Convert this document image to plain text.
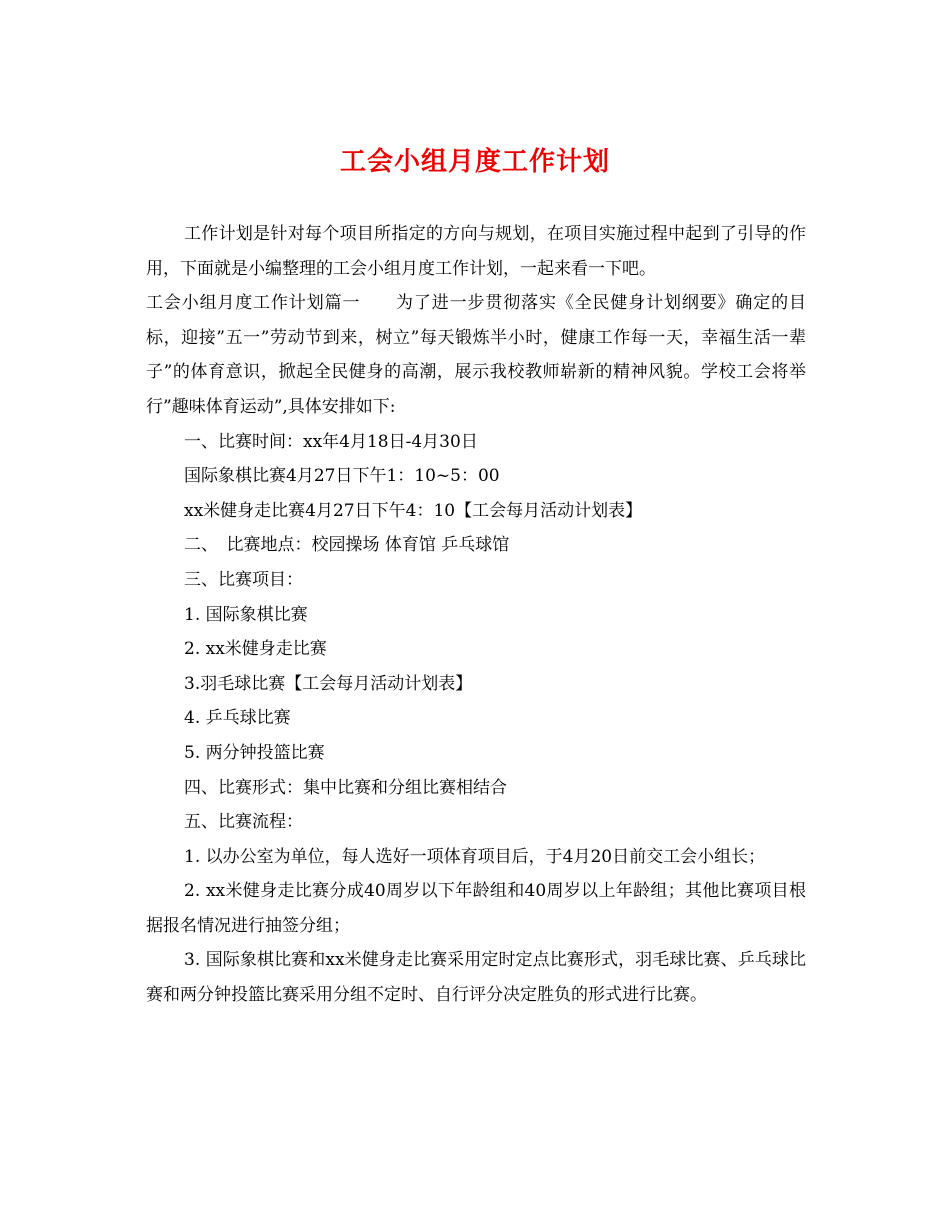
工会小组月度工作计划

工作计划是针对每个项目所指定的方向与规划，在项目实施过程中起到了引导的作用，下面就是小编整理的工会小组月度工作计划，一起来看一下吧。

工会小组月度工作计划篇一　　为了进一步贯彻落实《全民健身计划纲要》确定的目标，迎接”五一”劳动节到来，树立”每天锻炼半小时，健康工作每一天，幸福生活一辈子”的体育意识，掀起全民健身的高潮，展示我校教师崭新的精神风貌。学校工会将举行”趣味体育运动”,具体安排如下:

一、比赛时间：xx年4月18日-4月30日

国际象棋比赛4月27日下午1：10~5：00

xx米健身走比赛4月27日下午4：10【工会每月活动计划表】

二、　比赛地点：校园操场 体育馆 乒乓球馆

三、比赛项目：

1. 国际象棋比赛

2. xx米健身走比赛

3.羽毛球比赛【工会每月活动计划表】

4. 乒乓球比赛

5. 两分钟投篮比赛

四、比赛形式：集中比赛和分组比赛相结合

五、比赛流程：

1. 以办公室为单位，每人选好一项体育项目后，于4月20日前交工会小组长；

2. xx米健身走比赛分成40周岁以下年龄组和40周岁以上年龄组；其他比赛项目根据报名情况进行抽签分组；

3. 国际象棋比赛和xx米健身走比赛采用定时定点比赛形式，羽毛球比赛、乒乓球比赛和两分钟投篮比赛采用分组不定时、自行评分决定胜负的形式进行比赛。
